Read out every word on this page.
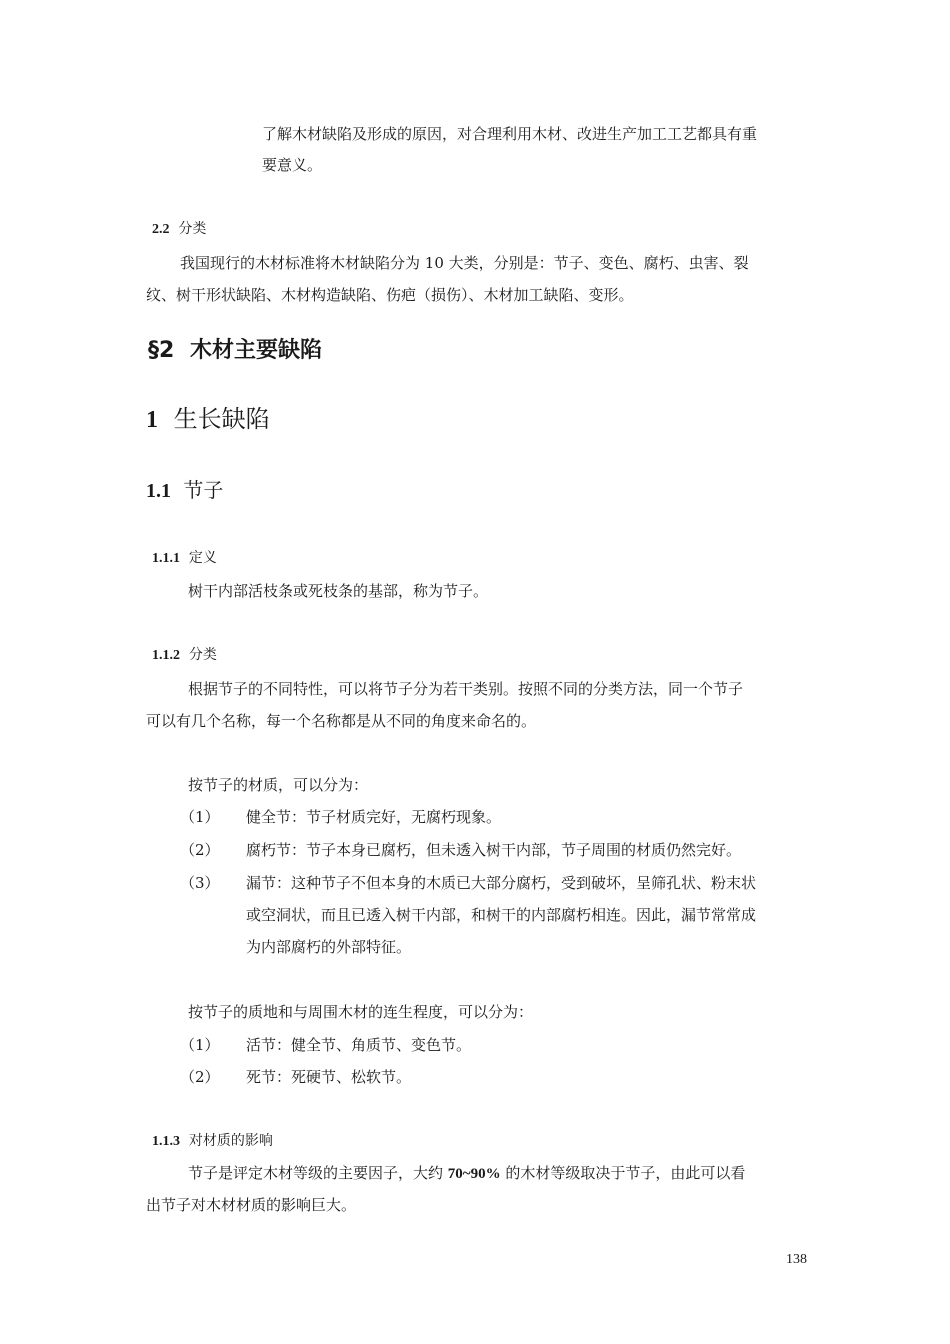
了解木材缺陷及形成的原因，对合理利用木材、改进生产加工工艺都具有重

要意义。

2.2 分类

我国现行的木材标准将木材缺陷分为 10 大类，分别是：节子、变色、腐朽、虫害、裂

纹、树干形状缺陷、木材构造缺陷、伤疤（损伤）、木材加工缺陷、变形。

§2 木材主要缺陷
1 生长缺陷
1.1 节子
1.1.1 定义

树干内部活枝条或死枝条的基部，称为节子。

1.1.2 分类

根据节子的不同特性，可以将节子分为若干类别。按照不同的分类方法，同一个节子

可以有几个名称，每一个名称都是从不同的角度来命名的。

按节子的材质，可以分为：

（1） 健全节：节子材质完好，无腐朽现象。

（2） 腐朽节：节子本身已腐朽，但未透入树干内部，节子周围的材质仍然完好。

（3） 漏节：这种节子不但本身的木质已大部分腐朽，受到破坏，呈筛孔状、粉末状

或空洞状，而且已透入树干内部，和树干的内部腐朽相连。因此，漏节常常成

为内部腐朽的外部特征。

按节子的质地和与周围木材的连生程度，可以分为：

（1） 活节：健全节、角质节、变色节。

（2） 死节：死硬节、松软节。

1.1.3 对材质的影响

节子是评定木材等级的主要因子，大约 70~90% 的木材等级取决于节子，由此可以看

出节子对木材材质的影响巨大。

138
